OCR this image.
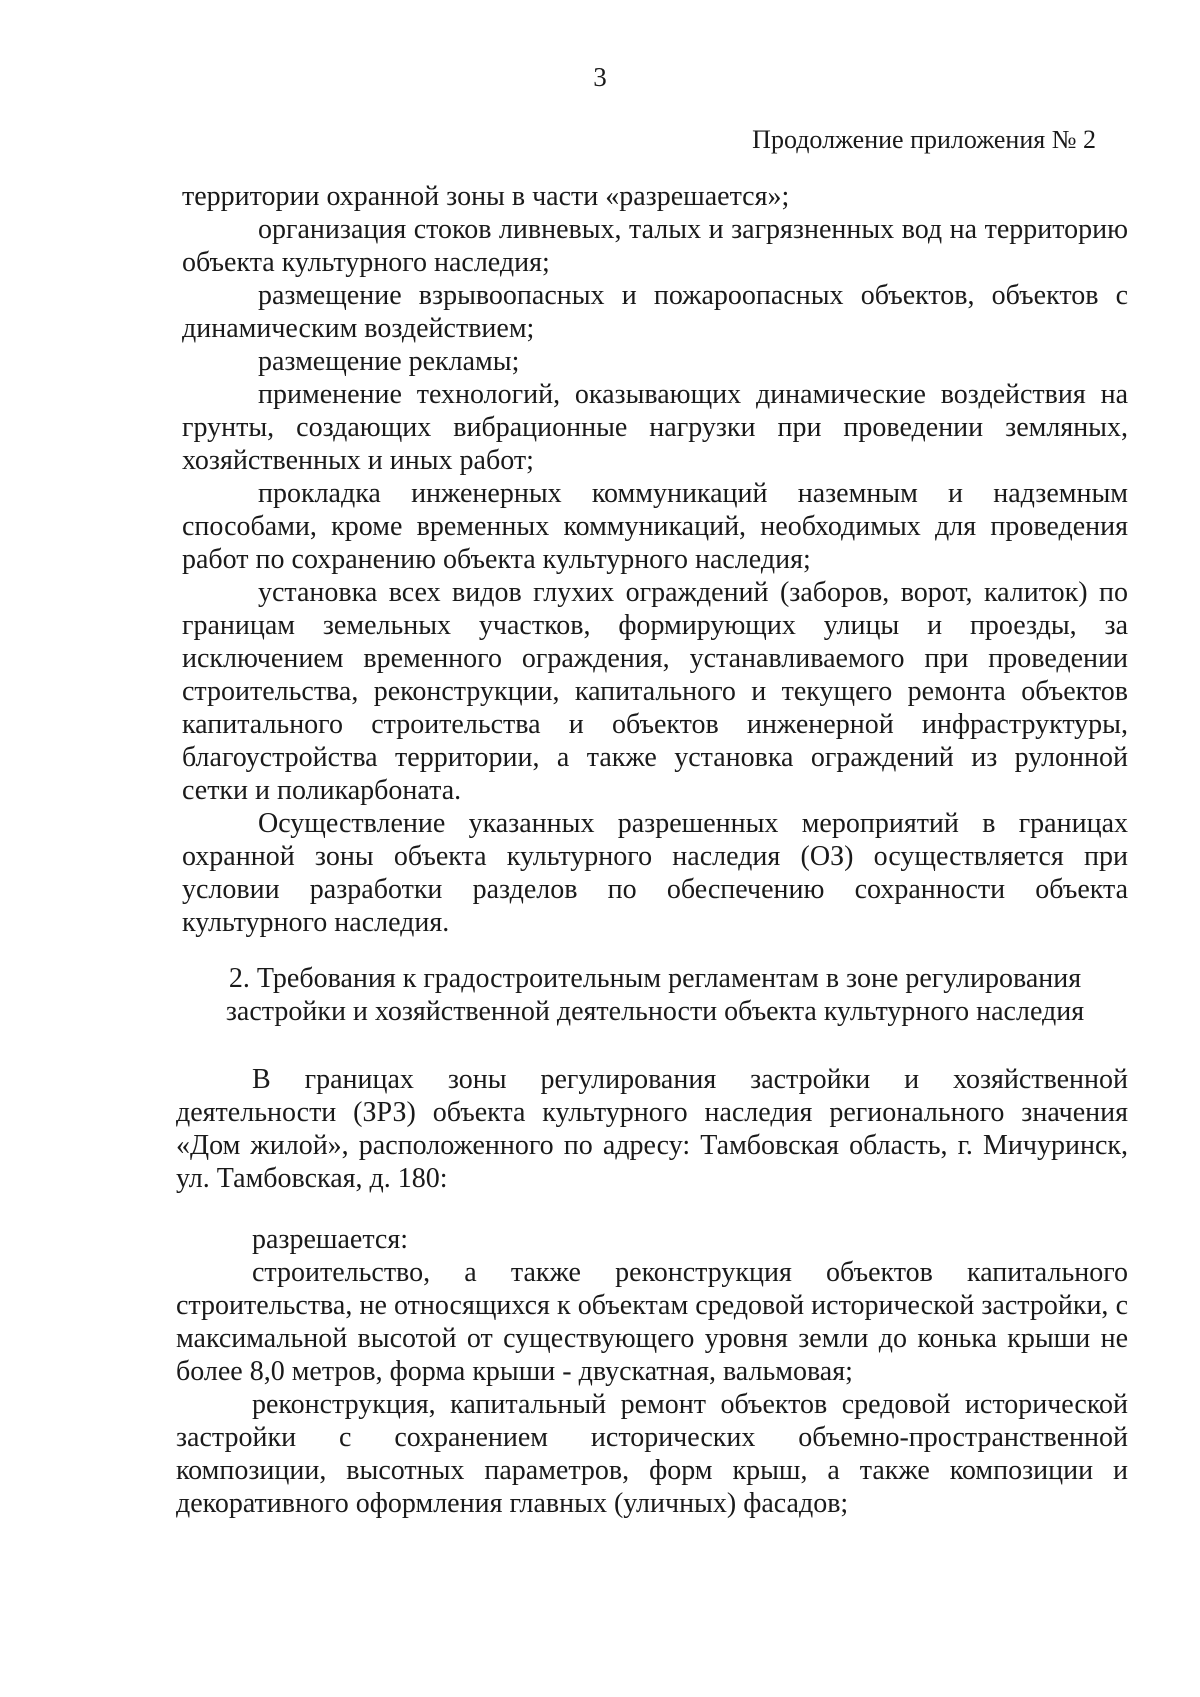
3
Продолжение приложения № 2

территории охранной зоны в части «разрешается»;

организация стоков ливневых, талых и загрязненных вод на территорию объекта культурного наследия;

размещение взрывоопасных и пожароопасных объектов, объектов с динамическим воздействием;

размещение рекламы;

применение технологий, оказывающих динамические воздействия на грунты, создающих вибрационные нагрузки при проведении земляных, хозяйственных и иных работ;

прокладка инженерных коммуникаций наземным и надземным способами, кроме временных коммуникаций, необходимых для проведения работ по сохранению объекта культурного наследия;

установка всех видов глухих ограждений (заборов, ворот, калиток) по границам земельных участков, формирующих улицы и проезды, за исключением временного ограждения, устанавливаемого при проведении строительства, реконструкции, капитального и текущего ремонта объектов капитального строительства и объектов инженерной инфраструктуры, благоустройства территории, а также установка ограждений из рулонной сетки и поликарбоната.

Осуществление указанных разрешенных мероприятий в границах охранной зоны объекта культурного наследия (ОЗ) осуществляется при условии разработки разделов по обеспечению сохранности объекта культурного наследия.

2. Требования к градостроительным регламентам в зоне регулирования
застройки и хозяйственной деятельности объекта культурного наследия

В границах зоны регулирования застройки и хозяйственной деятельности (ЗРЗ) объекта культурного наследия регионального значения «Дом жилой», расположенного по адресу: Тамбовская область, г. Мичуринск, ул. Тамбовская, д. 180:

разрешается:

строительство, а также реконструкция объектов капитального строительства, не относящихся к объектам средовой исторической застройки, с максимальной высотой от существующего уровня земли до конька крыши не более 8,0 метров, форма крыши - двускатная, вальмовая;

реконструкция, капитальный ремонт объектов средовой исторической застройки с сохранением исторических объемно-пространственной композиции, высотных параметров, форм крыш, а также композиции и декоративного оформления главных (уличных) фасадов;
